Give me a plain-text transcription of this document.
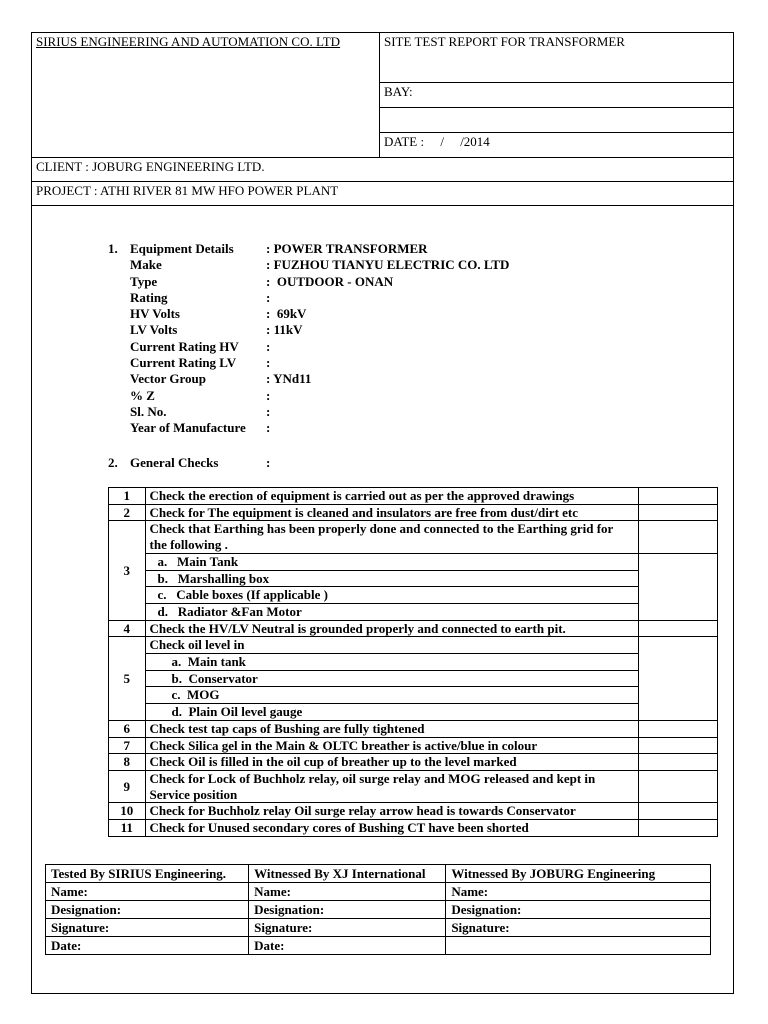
SIRIUS ENGINEERING AND AUTOMATION CO. LTD	SITE TEST REPORT FOR TRANSFORMER
BAY:

DATE :     /     /2014
CLIENT : JOBURG ENGINEERING LTD.
PROJECT : ATHI RIVER 81 MW HFO POWER PLANT
1. Equipment Details	: POWER TRANSFORMER
Make	: FUZHOU TIANYU ELECTRIC CO. LTD
Type	:  OUTDOOR - ONAN
Rating	:
HV Volts	:  69kV
LV Volts	: 11kV
Current Rating HV	:
Current Rating LV	:
Vector Group	: YNd11
% Z	:
Sl. No.	:
Year of Manufacture	:
2. General Checks	:
1	Check the erection of equipment is carried out as per the approved drawings	
2	Check for The equipment is cleaned and insulators are free from dust/dirt etc	
3	Check that Earthing has been properly done and connected to the Earthing grid for the following .	
	a.   Main Tank	
	b.   Marshalling box	
	c.   Cable boxes (If applicable )	
	d.   Radiator &Fan Motor	
4	Check the HV/LV Neutral is grounded properly and connected to earth pit.	
5	Check oil level in	
	a.  Main tank	
	b.  Conservator	
	c.  MOG	
	d.  Plain Oil level gauge	
6	Check test tap caps of Bushing are fully tightened	
7	Check Silica gel in the Main & OLTC breather is active/blue in colour	
8	Check Oil is filled in the oil cup of breather up to the level marked	
9	Check for Lock of Buchholz relay, oil surge relay and MOG released and kept in Service position	
10	Check for Buchholz relay Oil surge relay arrow head is towards Conservator	
11	Check for Unused secondary cores of Bushing CT have been shorted	
Tested By SIRIUS Engineering.	Witnessed By XJ International	Witnessed By JOBURG Engineering
Name:	Name:	Name:
Designation:	Designation:	Designation:
Signature:	Signature:	Signature:
Date:	Date:	
